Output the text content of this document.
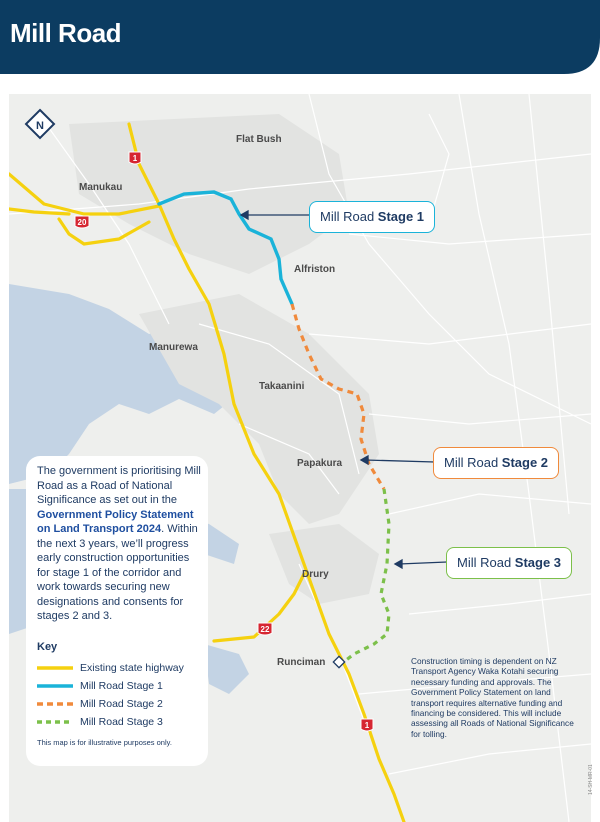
Mill Road
1
20
22
1
N
Flat Bush
Manukau
Alfriston
Manurewa
Takaanini
Papakura
Drury
Runciman
Mill Road Stage 1
Mill Road Stage 2
Mill Road Stage 3
The government is prioritising Mill Road as a Road of National Significance as set out in the Government Policy Statement on Land Transport 2024. Within the next 3 years, we’ll progress early construction opportunities for stage 1 of the corridor and work towards securing new designations and consents for stages 2 and 3.
Key
Existing state highway
Mill Road Stage 1
Mill Road Stage 2
Mill Road Stage 3
This map is for illustrative purposes only.
Construction timing is dependent on NZ Transport Agency Waka Kotahi securing necessary funding and approvals. The Government Policy Statement on land transport requires alternative funding and financing be considered. This will include assessing all Roads of National Significance for tolling.
14-SH-MR-01
